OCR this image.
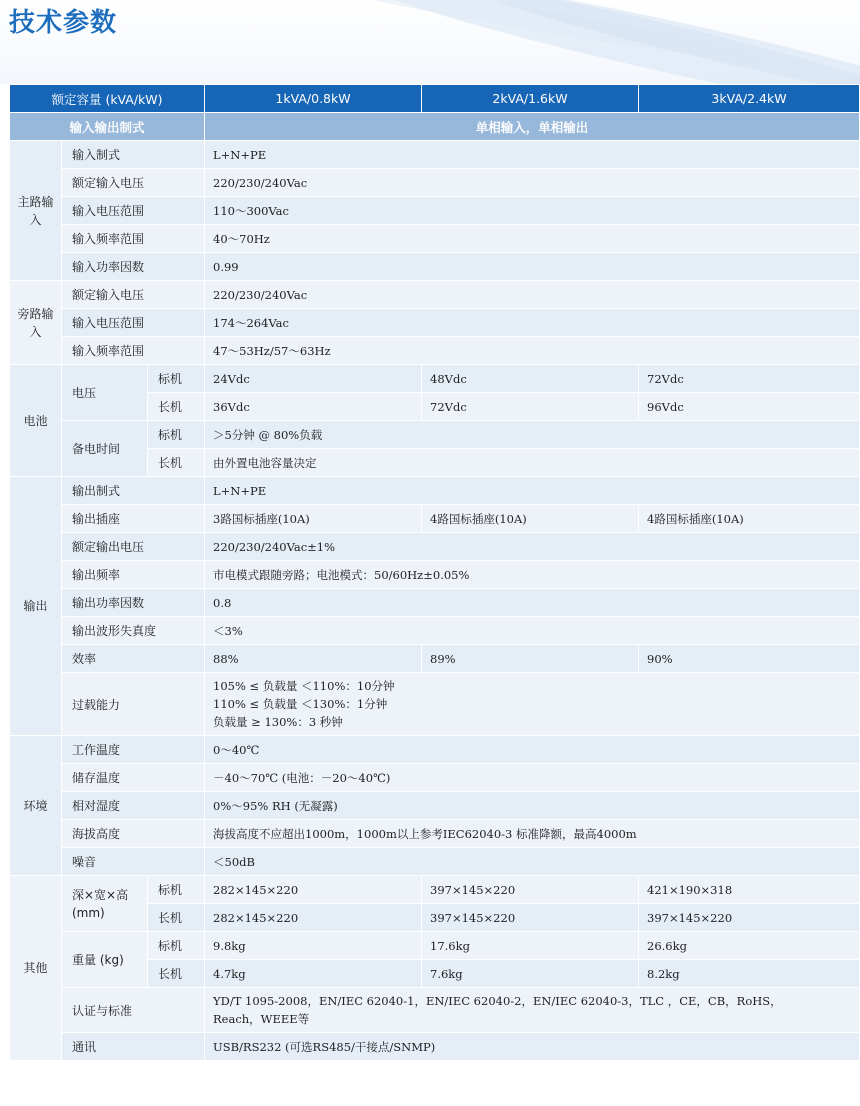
技术参数
额定容量 (kVA/kW)			1kVA/0.8kW	2kVA/1.6kW	3kVA/2.4kW
输入输出制式			单相输入，单相输出		
主路输入	输入制式		L+N+PE		
	额定输入电压		220/230/240Vac		
	输入电压范围		110～300Vac		
	输入频率范围		40～70Hz		
	输入功率因数		0.99		
旁路输入	额定输入电压		220/230/240Vac		
	输入电压范围		174～264Vac		
	输入频率范围		47～53Hz/57～63Hz		
电池	电压	标机	24Vdc	48Vdc	72Vdc
		长机	36Vdc	72Vdc	96Vdc
	备电时间	标机	＞5分钟 @ 80%负载		
		长机	由外置电池容量决定		
输出	输出制式		L+N+PE		
	输出插座		3路国标插座(10A)	4路国标插座(10A)	4路国标插座(10A)
	额定输出电压		220/230/240Vac±1%		
	输出频率		市电模式跟随旁路；电池模式：50/60Hz±0.05%		
	输出功率因数		0.8		
	输出波形失真度		＜3%		
	效率		88%	89%	90%
	过载能力		105% ≤ 负载量 ＜110%：10分钟
110% ≤ 负载量 ＜130%：1分钟
负载量 ≥ 130%：3 秒钟		

环境	工作温度		0～40℃		
	储存温度		－40～70℃ (电池：－20～40℃)		
	相对湿度		0%～95% RH (无凝露)		
	海拔高度		海拔高度不应超出1000m，1000m以上参考IEC62040-3 标准降额，最高4000m		
	噪音		＜50dB		
其他	深×宽×高 (mm)	标机	282×145×220	397×145×220	421×190×318
		长机	282×145×220	397×145×220	397×145×220
	重量 (kg)	标机	9.8kg	17.6kg	26.6kg
		长机	4.7kg	7.6kg	8.2kg
	认证与标准		YD/T 1095-2008，EN/IEC 62040-1，EN/IEC 62040-2，EN/IEC 62040-3，TLC ，CE，CB，RoHS，
Reach，WEEE等		

	通讯		USB/RS232 (可选RS485/干接点/SNMP)		
